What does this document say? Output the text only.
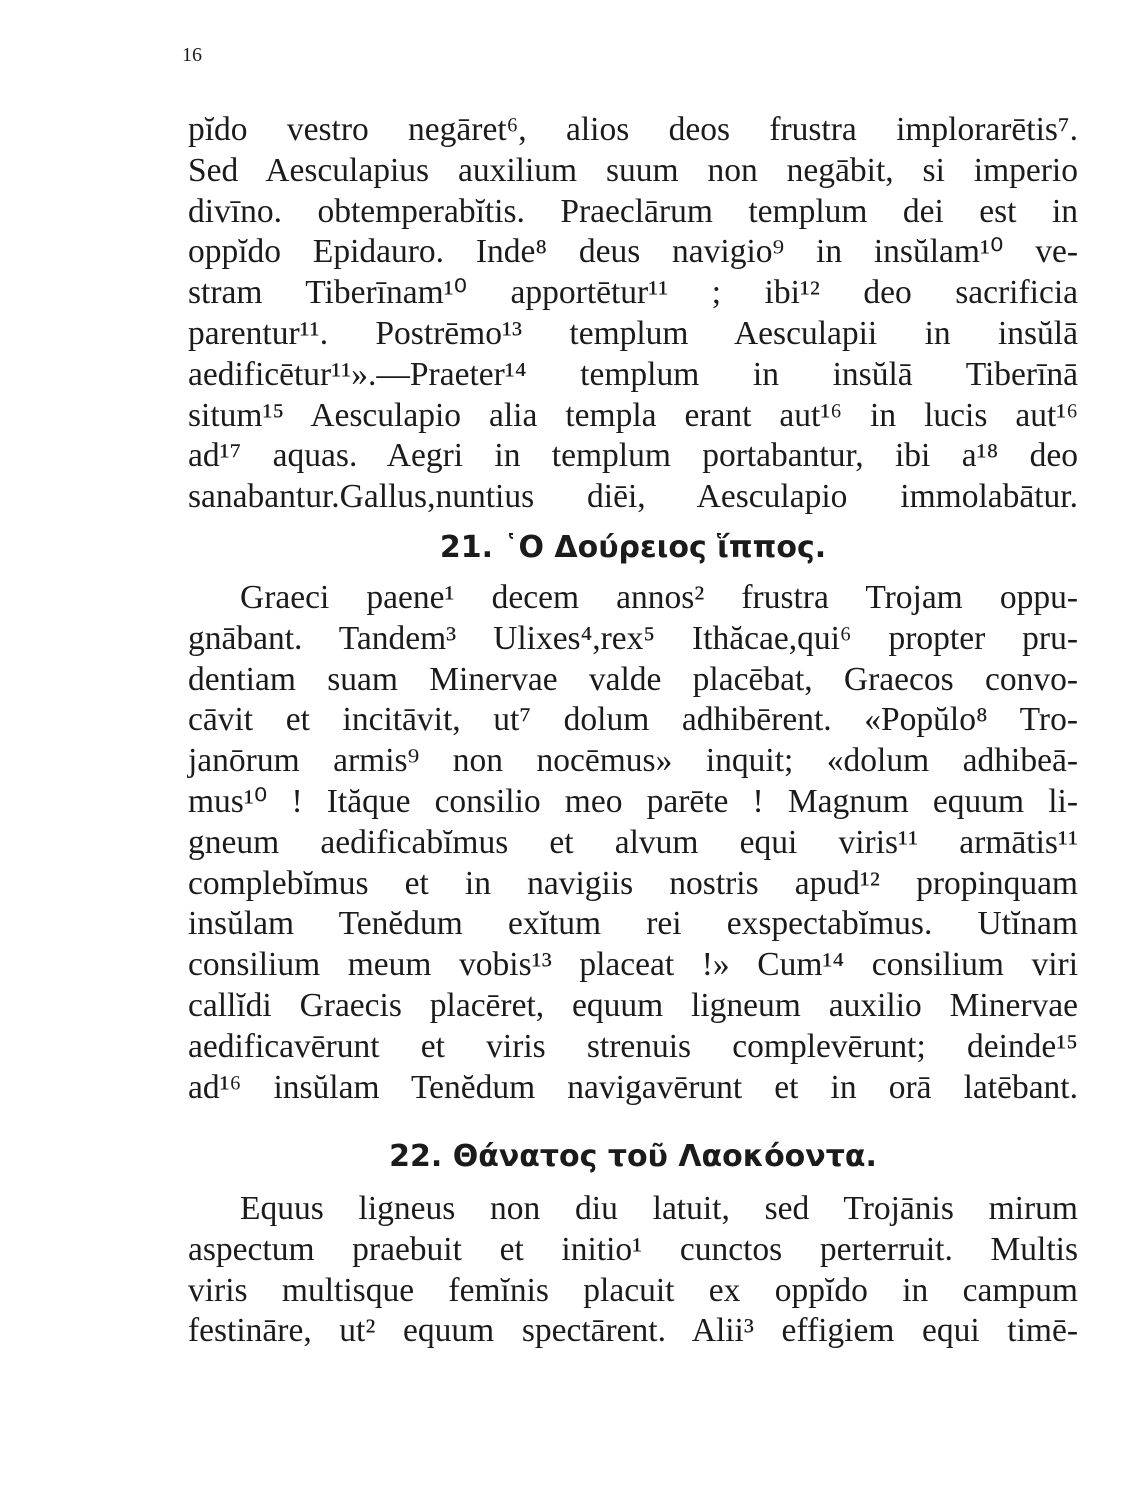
16
pĭdo vestro negāret⁶, alios deos frustra implorarētis⁷.
Sed Aesculapius auxilium suum non negābit, si imperio
divīno. obtemperabĭtis. Praeclārum templum dei est in
oppĭdo Epidauro. Inde⁸ deus navigio⁹ in insŭlam¹⁰ ve-
stram Tiberīnam¹⁰ apportētur¹¹ ; ibi¹² deo sacrificia
parentur¹¹. Postrēmo¹³ templum Aesculapii in insŭlā
aedificētur¹¹».—Praeter¹⁴ templum in insŭlā Tiberīnā
situm¹⁵ Aesculapio alia templa erant aut¹⁶ in lucis aut¹⁶
ad¹⁷ aquas. Aegri in templum portabantur, ibi a¹⁸ deo
sanabantur.Gallus,nuntius diēi, Aesculapio immolabātur.
21. ῾Ο Δούρειος ἵππος.
Graeci paene¹ decem annos² frustra Trojam oppu-
gnābant. Tandem³ Ulixes⁴,rex⁵ Ithăcae,qui⁶ propter pru-
dentiam suam Minervae valde placēbat, Graecos convo-
cāvit et incitāvit, ut⁷ dolum adhibērent. «Popŭlo⁸ Tro-
janōrum armis⁹ non nocēmus» inquit; «dolum adhibeā-
mus¹⁰ ! Ităque consilio meo parēte ! Magnum equum li-
gneum aedificabĭmus et alvum equi viris¹¹ armātis¹¹
complebĭmus et in navigiis nostris apud¹² propinquam
insŭlam Tenĕdum exĭtum rei exspectabĭmus. Utĭnam
consilium meum vobis¹³ placeat !» Cum¹⁴ consilium viri
callĭdi Graecis placēret, equum ligneum auxilio Minervae
aedificavērunt et viris strenuis complevērunt; deinde¹⁵
ad¹⁶ insŭlam Tenĕdum navigavērunt et in orā latēbant.
22. Θάνατος τοῦ Λαοκόοντα.
Equus ligneus non diu latuit, sed Trojānis mirum
aspectum praebuit et initio¹ cunctos perterruit. Multis
viris multisque femĭnis placuit ex oppĭdo in campum
festināre, ut² equum spectārent. Alii³ effigiem equi timē-
